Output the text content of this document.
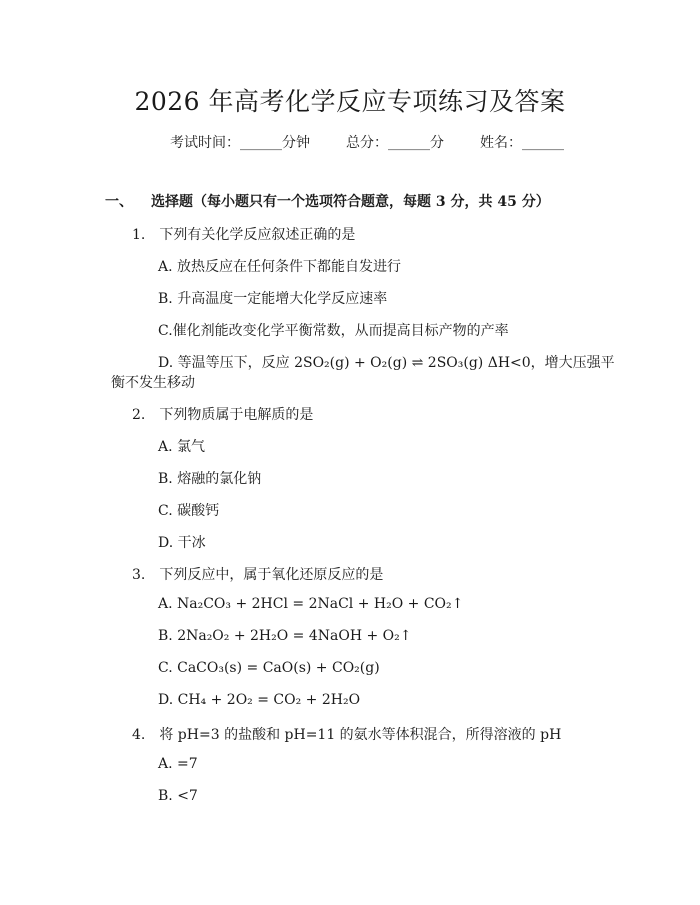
2026 年高考化学反应专项练习及答案
考试时间：______分钟	总分：______分	姓名：______
一、 选择题（每小题只有一个选项符合题意，每题 3 分，共 45 分）
1. 下列有关化学反应叙述正确的是
A. 放热反应在任何条件下都能自发进行
B. 升高温度一定能增大化学反应速率
C.催化剂能改变化学平衡常数，从而提高目标产物的产率
D. 等温等压下，反应 2SO₂(g) + O₂(g) ⇌ 2SO₃(g) ΔH<0，增大压强平
衡不发生移动
2. 下列物质属于电解质的是
A. 氯气
B. 熔融的氯化钠
C. 碳酸钙
D. 干冰
3. 下列反应中，属于氧化还原反应的是
A. Na₂CO₃ + 2HCl = 2NaCl + H₂O + CO₂↑
B. 2Na₂O₂ + 2H₂O = 4NaOH + O₂↑
C. CaCO₃(s) = CaO(s) + CO₂(g)
D. CH₄ + 2O₂ = CO₂ + 2H₂O
4. 将 pH=3 的盐酸和 pH=11 的氨水等体积混合，所得溶液的 pH
A. =7
B. <7
